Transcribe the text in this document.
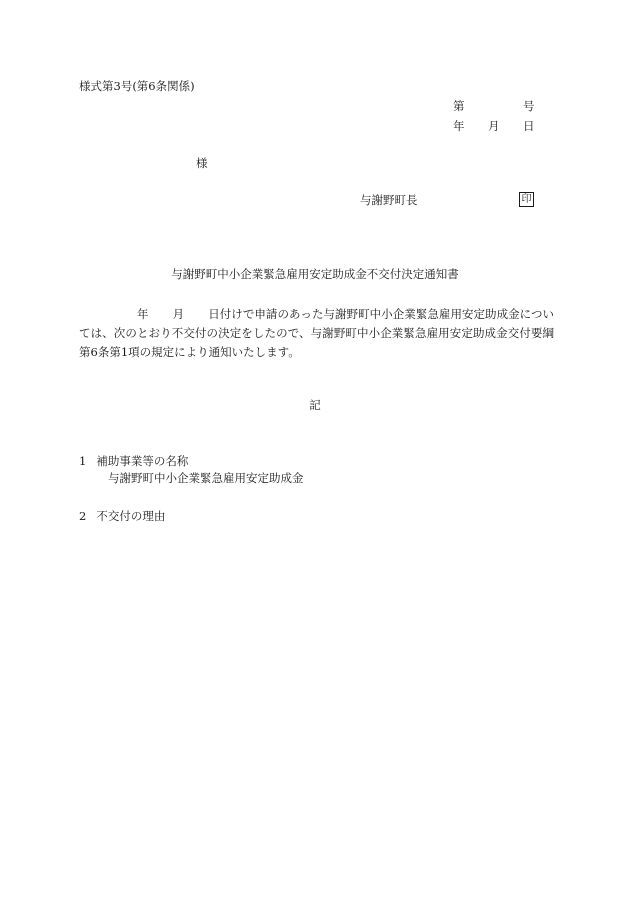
様式第3号(第6条関係)
第	号
年 月 日
様
与謝野町長	印
与謝野町中小企業緊急雇用安定助成金不交付決定通知書
年 月 日付けで申請のあった与謝野町中小企業緊急雇用安定助成金については、次のとおり不交付の決定をしたので、与謝野町中小企業緊急雇用安定助成金交付要綱第6条第1項の規定により通知いたします。
記
1 補助事業等の名称
与謝野町中小企業緊急雇用安定助成金
2 不交付の理由
